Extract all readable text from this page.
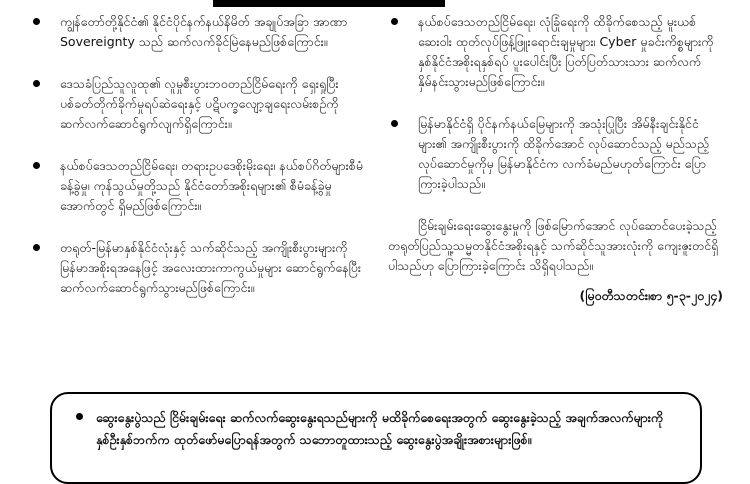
ကျွန်တော်တို့နိုင်ငံ၏ နိုင်ငံပိုင်နက်နယ်နိမိတ် အချုပ်အခြာ အာဏာ Sovereignty သည် ဆက်လက်ခိုင်မြဲနေမည်ဖြစ်ကြောင်း။
ဒေသခံပြည်သူလူထု၏ လူမှုစီးပွားဘဝတည်ငြိမ်ရေးကို ရှေးရှုပြီး ပစ်ခတ်တိုက်ခိုက်မှုရပ်ဆဲရေးနှင့် ပဋိပက္ခလျော့ချရေးလမ်းစဉ်ကို ဆက်လက်ဆောင်ရွက်လျက်ရှိကြောင်း။
နယ်စပ်ဒေသတည်ငြိမ်ရေး၊ တရားဥပဒေစိုးမိုးရေး၊ နယ်စပ်ဂိတ်များစီမံခန့်ခွဲမှု၊ ကုန်သွယ်မှုတို့သည် နိုင်ငံတော်အစိုးရများ၏ စီမံခန့်ခွဲမှုအောက်တွင် ရှိမည်ဖြစ်ကြောင်း။
တရုတ်-မြန်မာနှစ်နိုင်ငံလုံးနှင့် သက်ဆိုင်သည့် အကျိုးစီးပွားများကို မြန်မာအစိုးရအနေဖြင့် အလေးထားကာကွယ်မှုများ ဆောင်ရွက်နေပြီး ဆက်လက်ဆောင်ရွက်သွားမည်ဖြစ်ကြောင်း။
နယ်စပ်ဒေသတည်ငြိမ်ရေး၊ လုံခြုံရေးကို ထိခိုက်စေသည့် မူးယစ်ဆေးဝါး ထုတ်လုပ်ဖြန့်ဖြူးရောင်းချမှုများ၊ Cyber မှုခင်းကိစ္စများကို နှစ်နိုင်ငံအစိုးရနှစ်ရပ် ပူးပေါင်းပြီး ပြတ်ပြတ်သားသား ဆက်လက်နှိမ်နင်းသွားမည်ဖြစ်ကြောင်း။
မြန်မာနိုင်ငံရှိ ပိုင်နက်နယ်မြေများကို အသုံးပြုပြီး အိမ်နီးချင်းနိုင်ငံများ၏ အကျိုးစီးပွားကို ထိခိုက်အောင် လုပ်ဆောင်သည့် မည်သည့်လုပ်ဆောင်မှုကိုမှ မြန်မာနိုင်ငံက လက်ခံမည်မဟုတ်ကြောင်း ပြောကြားခဲ့ပါသည်။

ငြိမ်းချမ်းရေးဆွေးနွေးမှုကို ဖြစ်မြောက်အောင် လုပ်ဆောင်ပေးခဲ့သည့် တရုတ်ပြည်သူ့သမ္မတနိုင်ငံအစိုးရနှင့် သက်ဆိုင်သူအားလုံးကို ကျေးဇူးတင်ရှိပါသည်ဟု ပြောကြားခဲ့ကြောင်း သိရှိရပါသည်။

(မြဝတီသတင်း၊စာ ၅-၃-၂၀၂၄)
ဆွေးနွေးပွဲသည် ငြိမ်းချမ်းရေး ဆက်လက်ဆွေးနွေးရသည်များကို မထိခိုက်စေရေးအတွက် ဆွေးနွေးခဲ့သည့် အချက်အလက်များကို နှစ်ဦးနှစ်ဘက်က ထုတ်ဖော်မပြောရန်အတွက် သဘောတူထားသည့် ဆွေးနွေးပွဲအချိုးအစားများဖြစ်။
